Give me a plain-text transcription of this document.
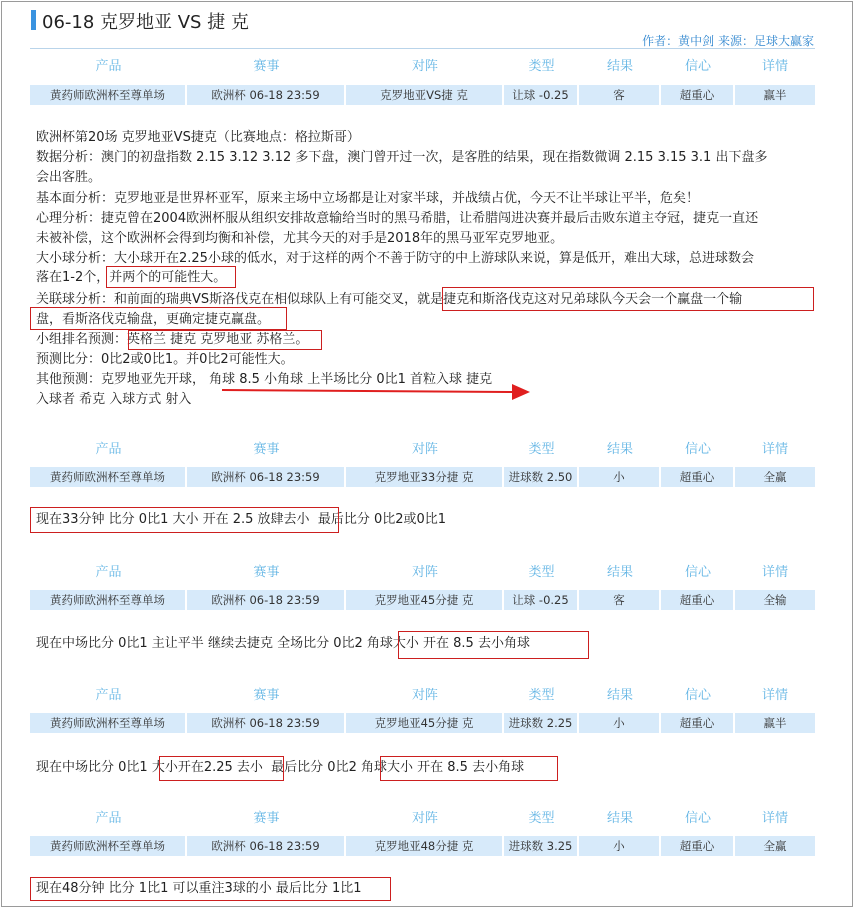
06-18 克罗地亚 VS 捷 克
作者：黄中剑 来源：足球大赢家
产品	赛事	对阵	类型	结果	信心	详情
黄药师欧洲杯至尊单场	欧洲杯 06-18 23:59	克罗地亚VS捷 克	让球 -0.25	客	超重心	赢半
欧洲杯第20场 克罗地亚VS捷克（比赛地点：格拉斯哥）
数据分析：澳门的初盘指数 2.15 3.12 3.12 多下盘，澳门曾开过一次，是客胜的结果，现在指数微调 2.15 3.15 3.1 出下盘多
会出客胜。
基本面分析：克罗地亚是世界杯亚军，原来主场中立场都是让对家半球，并战绩占优，今天不让半球让平半，危矣！
心理分析：捷克曾在2004欧洲杯服从组织安排故意输给当时的黑马希腊，让希腊闯进决赛并最后击败东道主夺冠，捷克一直还
未被补偿，这个欧洲杯会得到均衡和补偿，尤其今天的对手是2018年的黑马亚军克罗地亚。
大小球分析：大小球开在2.25小球的低水，对于这样的两个不善于防守的中上游球队来说，算是低开，难出大球，总进球数会
落在1-2个，并两个的可能性大。
关联球分析：和前面的瑞典VS斯洛伐克在相似球队上有可能交叉，就是捷克和斯洛伐克这对兄弟球队今天会一个赢盘一个输
盘，看斯洛伐克输盘，更确定捷克赢盘。
小组排名预测：英格兰 捷克 克罗地亚 苏格兰。
预测比分：0比2或0比1。并0比2可能性大。
其他预测：克罗地亚先开球， 角球 8.5 小角球 上半场比分 0比1 首粒入球 捷克
入球者 希克 入球方式 射入
产品	赛事	对阵	类型	结果	信心	详情
黄药师欧洲杯至尊单场	欧洲杯 06-18 23:59	克罗地亚33分捷 克	进球数 2.50	小	超重心	全赢
现在33分钟 比分 0比1 大小 开在 2.5 放肆去小 最后比分 0比2或0比1
产品	赛事	对阵	类型	结果	信心	详情
黄药师欧洲杯至尊单场	欧洲杯 06-18 23:59	克罗地亚45分捷 克	让球 -0.25	客	超重心	全输
现在中场比分 0比1 主让平半 继续去捷克 全场比分 0比2 角球大小 开在 8.5 去小角球
产品	赛事	对阵	类型	结果	信心	详情
黄药师欧洲杯至尊单场	欧洲杯 06-18 23:59	克罗地亚45分捷 克	进球数 2.25	小	超重心	赢半
现在中场比分 0比1 大小开在2.25 去小 最后比分 0比2 角球大小 开在 8.5 去小角球
产品	赛事	对阵	类型	结果	信心	详情
黄药师欧洲杯至尊单场	欧洲杯 06-18 23:59	克罗地亚48分捷 克	进球数 3.25	小	超重心	全赢
现在48分钟 比分 1比1 可以重注3球的小 最后比分 1比1
